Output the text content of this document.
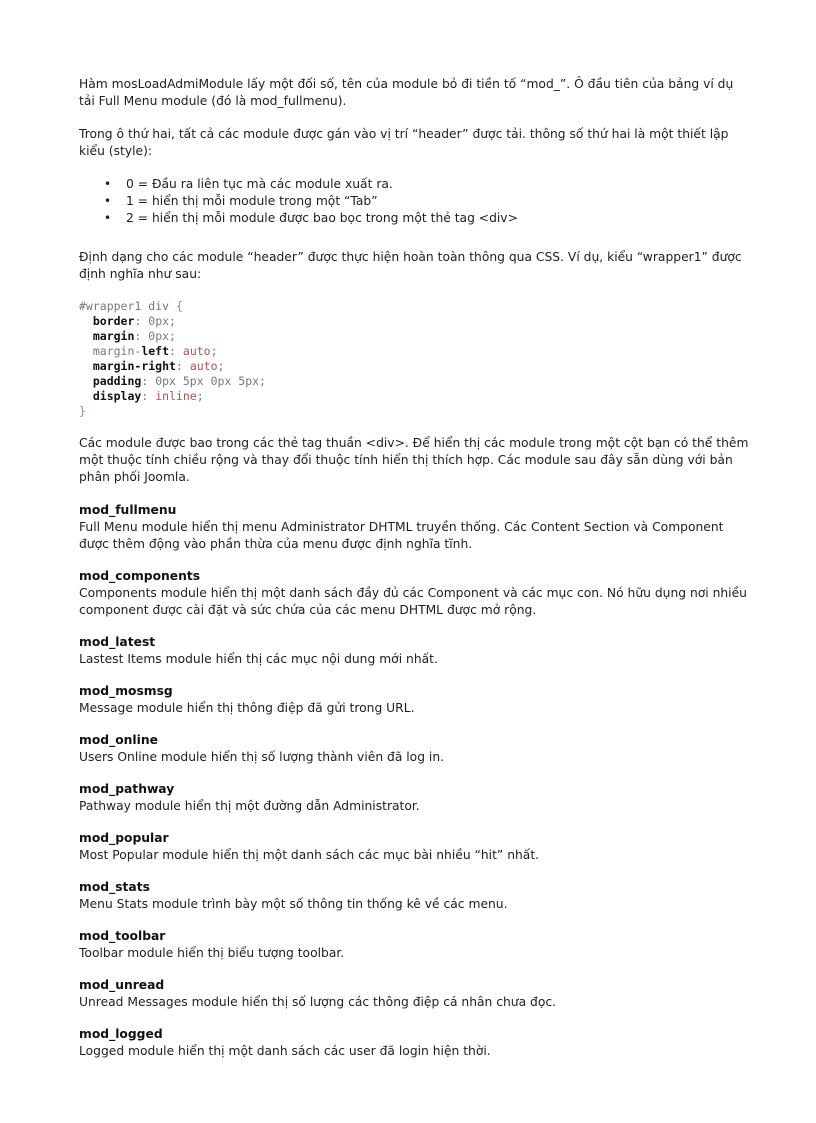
Hàm mosLoadAdmiModule lấy một đối số, tên của module bỏ đi tiền tố “mod_”. Ô đầu tiên của bảng ví dụ tải Full Menu module (đó là mod_fullmenu).

Trong ô thứ hai, tất cả các module được gán vào vị trí “header” được tải. thông số thứ hai là một thiết lập kiểu (style):

• 0 = Đầu ra liên tục mà các module xuất ra.
• 1 = hiển thị mỗi module trong một “Tab”
• 2 = hiển thị mỗi module được bao bọc trong một thẻ tag <div>

Định dạng cho các module “header” được thực hiện hoàn toàn thông qua CSS. Ví dụ, kiểu “wrapper1” được định nghĩa như sau:

#wrapper1 div {
border: 0px;
margin: 0px;
margin-left: auto;
margin-right: auto;
padding: 0px 5px 0px 5px;
display: inline;
}

Các module được bao trong các thẻ tag thuần <div>. Để hiển thị các module trong một cột bạn có thể thêm một thuộc tính chiều rộng và thay đổi thuộc tính hiển thị thích hợp. Các module sau đây sẵn dùng với bản phân phối Joomla.

mod_fullmenu
Full Menu module hiển thị menu Administrator DHTML truyền thống. Các Content Section và Component được thêm động vào phần thừa của menu được định nghĩa tĩnh.
mod_components
Components module hiển thị một danh sách đầy đủ các Component và các mục con. Nó hữu dụng nơi nhiều component được cài đặt và sức chứa của các menu DHTML được mở rộng.
mod_latest
Lastest Items module hiển thị các mục nội dung mới nhất.
mod_mosmsg
Message module hiển thị thông điệp đã gửi trong URL.
mod_online
Users Online module hiển thị số lượng thành viên đã log in.
mod_pathway
Pathway module hiển thị một đường dẫn Administrator.
mod_popular
Most Popular module hiển thị một danh sách các mục bài nhiều “hit” nhất.
mod_stats
Menu Stats module trình bày một số thông tin thống kê về các menu.
mod_toolbar
Toolbar module hiển thị biểu tượng toolbar.
mod_unread
Unread Messages module hiển thị số lượng các thông điệp cá nhân chưa đọc.
mod_logged
Logged module hiển thị một danh sách các user đã login hiện thời.
